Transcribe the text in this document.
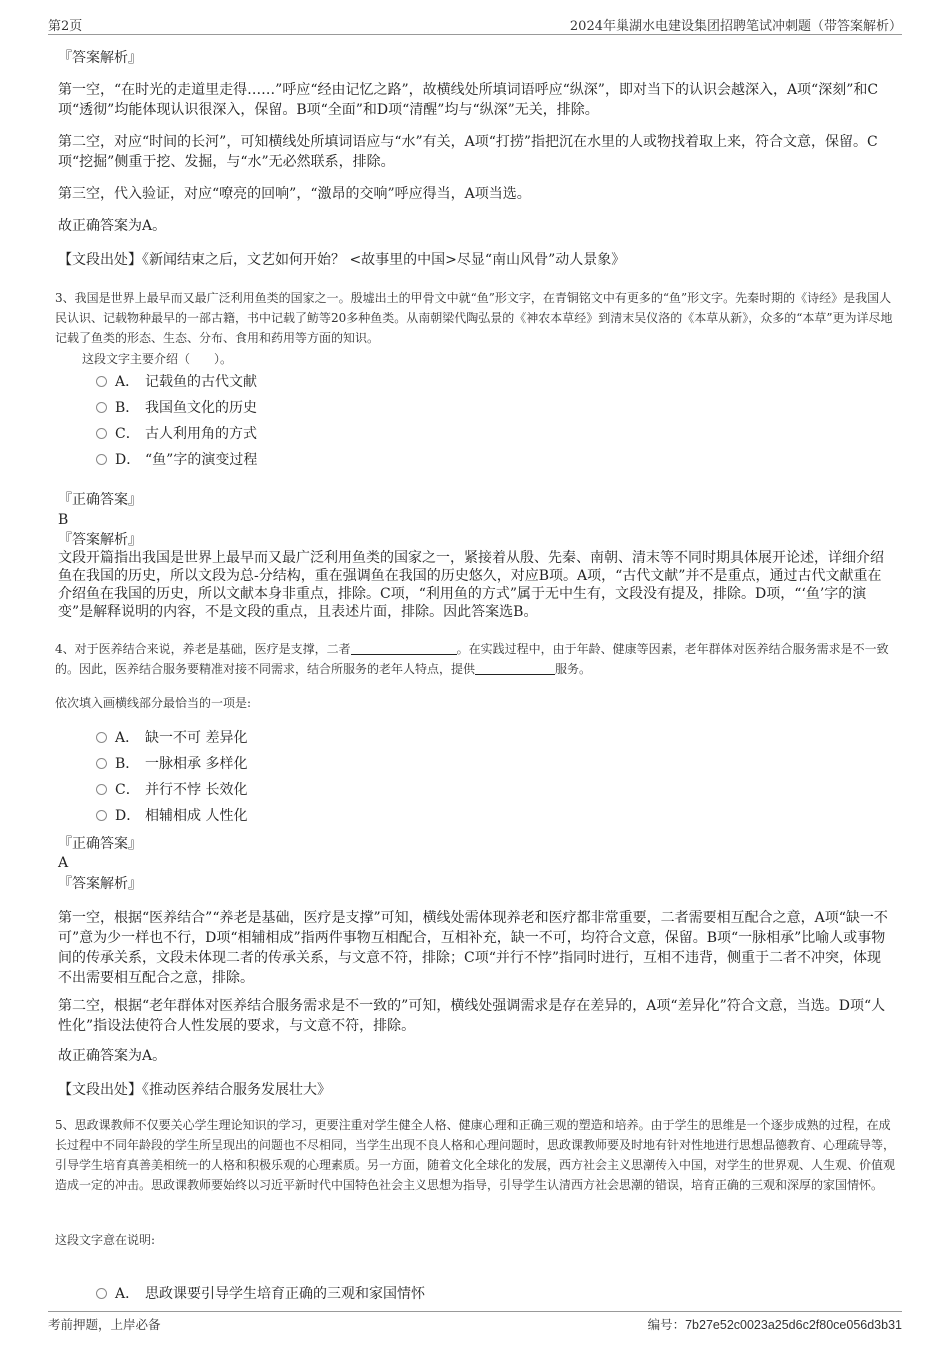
第2页	2024年巢湖水电建设集团招聘笔试冲刺题（带答案解析）
『答案解析』
第一空，“在时光的走道里走得……”呼应“经由记忆之路”，故横线处所填词语呼应“纵深”，即对当下的认识会越深入，A项“深刻”和C项“透彻”均能体现认识很深入，保留。B项“全面”和D项“清醒”均与“纵深”无关，排除。
第二空，对应“时间的长河”，可知横线处所填词语应与“水”有关，A项“打捞”指把沉在水里的人或物找着取上来，符合文意，保留。C项“挖掘”侧重于挖、发掘，与“水”无必然联系，排除。
第三空，代入验证，对应“嘹亮的回响”，“激昂的交响”呼应得当，A项当选。
故正确答案为A。
【文段出处】《新闻结束之后，文艺如何开始？ <故事里的中国>尽显“南山风骨”动人景象》
3、我国是世界上最早而又最广泛利用鱼类的国家之一。殷墟出土的甲骨文中就“鱼”形文字，在青铜铭文中有更多的“鱼”形文字。先秦时期的《诗经》是我国人民认识、记载物种最早的一部古籍，书中记载了鲂等20多种鱼类。从南朝梁代陶弘景的《神农本草经》到清末吴仪洛的《本草从新》，众多的“本草”更为详尽地记载了鱼类的形态、生态、分布、食用和药用等方面的知识。
这段文字主要介绍（　　）。
A． 记载鱼的古代文献
B． 我国鱼文化的历史
C． 古人利用角的方式
D． “鱼”字的演变过程
『正确答案』
B
『答案解析』
文段开篇指出我国是世界上最早而又最广泛利用鱼类的国家之一，紧接着从殷、先秦、南朝、清末等不同时期具体展开论述，详细介绍鱼在我国的历史，所以文段为总-分结构，重在强调鱼在我国的历史悠久，对应B项。A项，“古代文献”并不是重点，通过古代文献重在介绍鱼在我国的历史，所以文献本身非重点，排除。C项，“利用鱼的方式”属于无中生有，文段没有提及，排除。D项，“‘鱼’字的演变”是解释说明的内容，不是文段的重点，且表述片面，排除。因此答案选B。
4、对于医养结合来说，养老是基础，医疗是支撑，二者	。在实践过程中，由于年龄、健康等因素，老年群体对医养结合服务需求是不一致的。因此，医养结合服务要精准对接不同需求，结合所服务的老年人特点，提供	服务。
依次填入画横线部分最恰当的一项是:
A． 缺一不可 差异化
B． 一脉相承 多样化
C． 并行不悖 长效化
D． 相辅相成 人性化
『正确答案』
A
『答案解析』
第一空，根据“医养结合”“养老是基础，医疗是支撑”可知，横线处需体现养老和医疗都非常重要，二者需要相互配合之意，A项“缺一不可”意为少一样也不行，D项“相辅相成”指两件事物互相配合，互相补充，缺一不可，均符合文意，保留。B项“一脉相承”比喻人或事物间的传承关系，文段未体现二者的传承关系，与文意不符，排除；C项“并行不悖”指同时进行，互相不违背，侧重于二者不冲突，体现不出需要相互配合之意，排除。
第二空，根据“老年群体对医养结合服务需求是不一致的”可知，横线处强调需求是存在差异的，A项“差异化”符合文意，当选。D项“人性化”指设法使符合人性发展的要求，与文意不符，排除。
故正确答案为A。
【文段出处】《推动医养结合服务发展壮大》
5、思政课教师不仅要关心学生理论知识的学习，更要注重对学生健全人格、健康心理和正确三观的塑造和培养。由于学生的思维是一个逐步成熟的过程，在成长过程中不同年龄段的学生所呈现出的问题也不尽相同，当学生出现不良人格和心理问题时，思政课教师要及时地有针对性地进行思想品德教育、心理疏导等，引导学生培育真善美相统一的人格和积极乐观的心理素质。另一方面，随着文化全球化的发展，西方社会主义思潮传入中国，对学生的世界观、人生观、价值观造成一定的冲击。思政课教师要始终以习近平新时代中国特色社会主义思想为指导，引导学生认清西方社会思潮的错误，培育正确的三观和深厚的家国情怀。
这段文字意在说明:
A． 思政课要引导学生培育正确的三观和家国情怀
考前押题，上岸必备	编号：7b27e52c0023a25d6c2f80ce056d3b31
